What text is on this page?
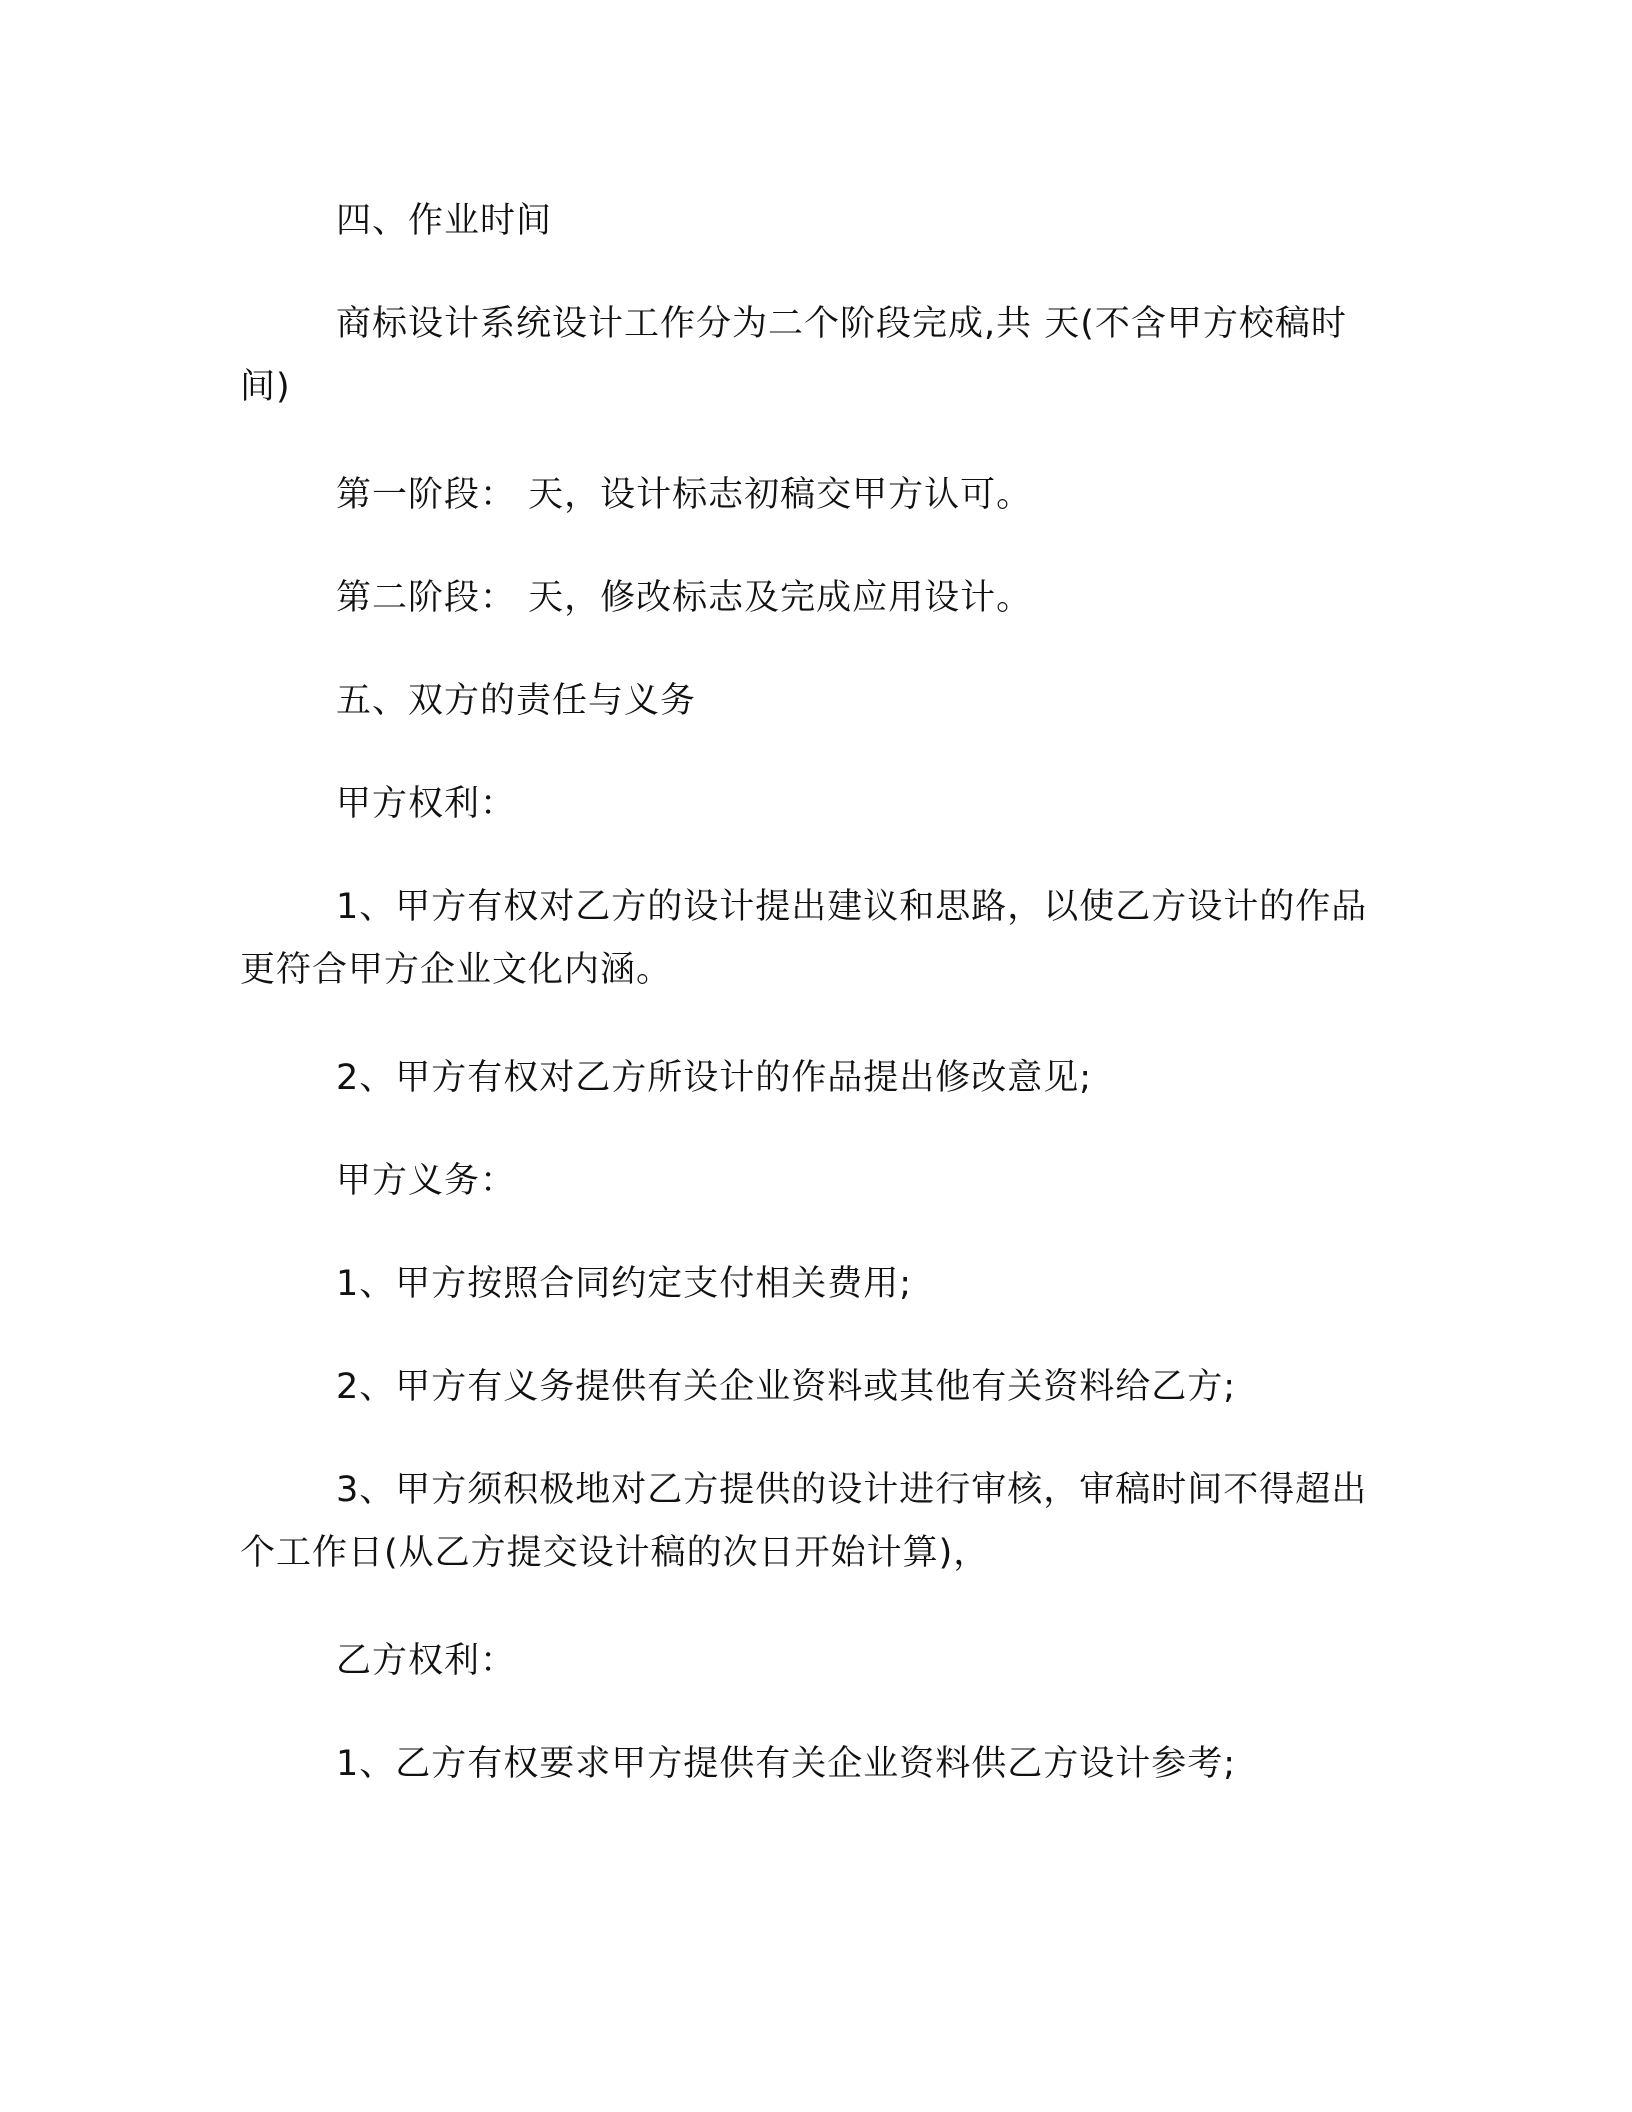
四、作业时间

商标设计系统设计工作分为二个阶段完成,共 天(不含甲方校稿时间)

第一阶段： 天，设计标志初稿交甲方认可。

第二阶段： 天，修改标志及完成应用设计。

五、双方的责任与义务

甲方权利：

1、甲方有权对乙方的设计提出建议和思路，以使乙方设计的作品更符合甲方企业文化内涵。

2、甲方有权对乙方所设计的作品提出修改意见;

甲方义务：

1、甲方按照合同约定支付相关费用;

2、甲方有义务提供有关企业资料或其他有关资料给乙方;

3、甲方须积极地对乙方提供的设计进行审核，审稿时间不得超出 个工作日(从乙方提交设计稿的次日开始计算)，

乙方权利：

1、乙方有权要求甲方提供有关企业资料供乙方设计参考;
